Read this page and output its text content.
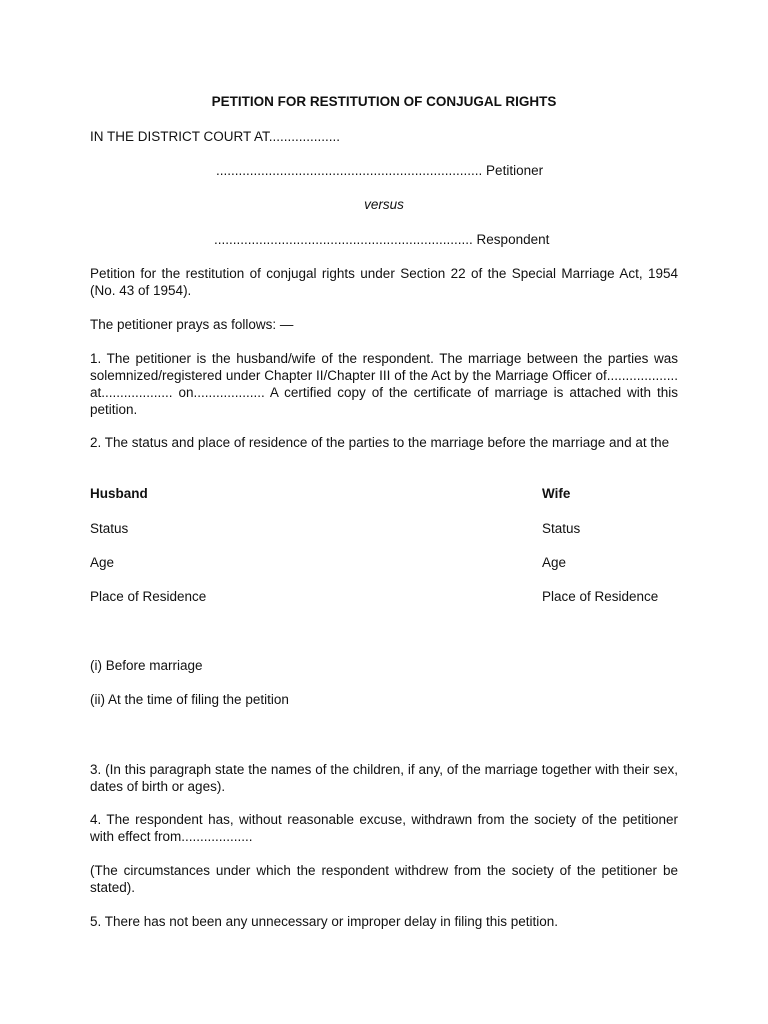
PETITION FOR RESTITUTION OF CONJUGAL RIGHTS
IN THE DISTRICT COURT AT...................
....................................................................... Petitioner
versus
..................................................................... Respondent
Petition for the restitution of conjugal rights under Section 22 of the Special Marriage Act, 1954 (No. 43 of 1954).
The petitioner prays as follows: —
1. The petitioner is the husband/wife of the respondent. The marriage between the parties was solemnized/registered under Chapter II/Chapter III of the Act by the Marriage Officer of................... at................... on................... A certified copy of the certificate of marriage is attached with this petition.
2. The status and place of residence of the parties to the marriage before the marriage and at the
Husband	Wife
Status	Status
Age	Age
Place of Residence	Place of Residence
(i) Before marriage
(ii) At the time of filing the petition
3. (In this paragraph state the names of the children, if any, of the marriage together with their sex, dates of birth or ages).
4. The respondent has, without reasonable excuse, withdrawn from the society of the petitioner with effect from...................
(The circumstances under which the respondent withdrew from the society of the petitioner be stated).
5. There has not been any unnecessary or improper delay in filing this petition.
